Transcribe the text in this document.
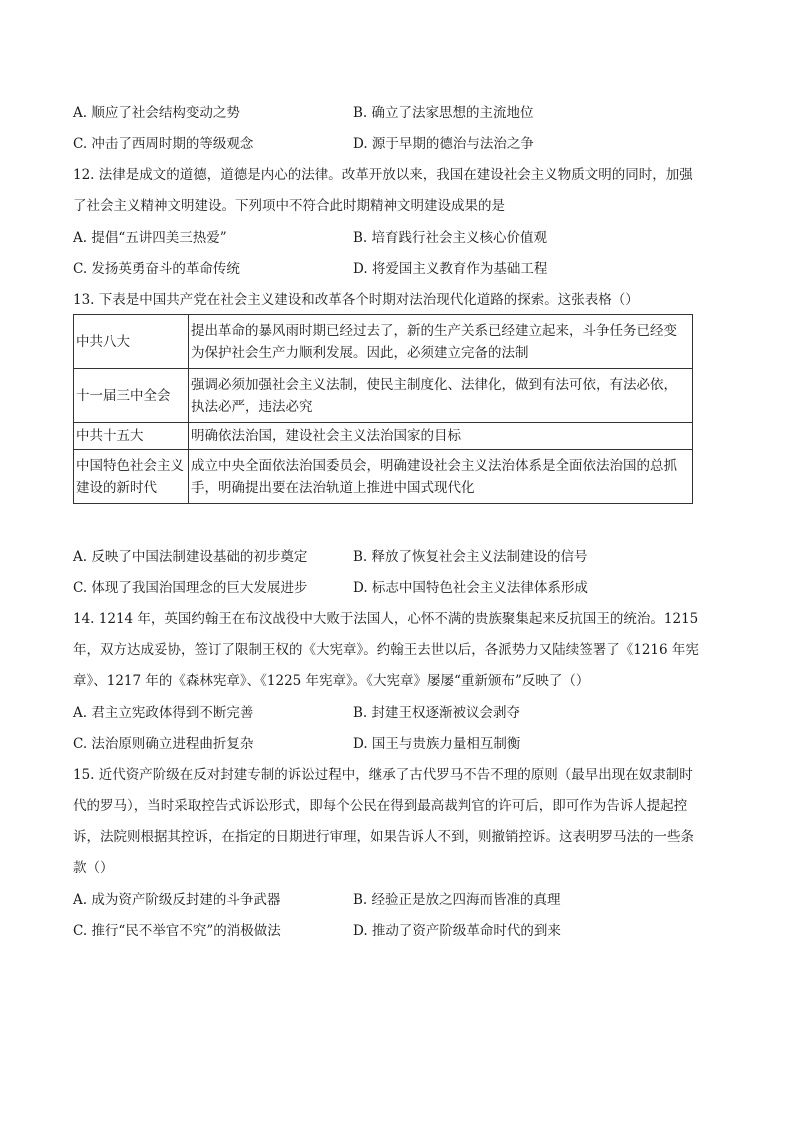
A. 顺应了社会结构变动之势	B. 确立了法家思想的主流地位
C. 冲击了西周时期的等级观念	D. 源于早期的德治与法治之争
12. 法律是成文的道德，道德是内心的法律。改革开放以来，我国在建设社会主义物质文明的同时，加强
了社会主义精神文明建设。下列项中不符合此时期精神文明建设成果的是
A. 提倡“五讲四美三热爱”	B. 培育践行社会主义核心价值观
C. 发扬英勇奋斗的革命传统	D. 将爱国主义教育作为基础工程
13. 下表是中国共产党在社会主义建设和改革各个时期对法治现代化道路的探索。这张表格（）
中共八大	提出革命的暴风雨时期已经过去了，新的生产关系已经建立起来，斗争任务已经变为保护社会生产力顺利发展。因此，必须建立完备的法制
十一届三中全会	强调必须加强社会主义法制，使民主制度化、法律化，做到有法可依，有法必依，执法必严，违法必究
中共十五大	明确依法治国，建设社会主义法治国家的目标
中国特色社会主义建设的新时代	成立中央全面依法治国委员会，明确建设社会主义法治体系是全面依法治国的总抓手，明确提出要在法治轨道上推进中国式现代化
A. 反映了中国法制建设基础的初步奠定	B. 释放了恢复社会主义法制建设的信号
C. 体现了我国治国理念的巨大发展进步	D. 标志中国特色社会主义法律体系形成
14. 1214 年，英国约翰王在布汶战役中大败于法国人，心怀不满的贵族聚集起来反抗国王的统治。1215
年，双方达成妥协，签订了限制王权的《大宪章》。约翰王去世以后，各派势力又陆续签署了《1216 年宪
章》、1217 年的《森林宪章》、《1225 年宪章》。《大宪章》屡屡“重新颁布”反映了（）
A. 君主立宪政体得到不断完善	B. 封建王权逐渐被议会剥夺
C. 法治原则确立进程曲折复杂	D. 国王与贵族力量相互制衡
15. 近代资产阶级在反对封建专制的诉讼过程中，继承了古代罗马不告不理的原则（最早出现在奴隶制时
代的罗马），当时采取控告式诉讼形式，即每个公民在得到最高裁判官的许可后，即可作为告诉人提起控
诉，法院则根据其控诉，在指定的日期进行审理，如果告诉人不到，则撤销控诉。这表明罗马法的一些条
款（）
A. 成为资产阶级反封建的斗争武器	B. 经验正是放之四海而皆准的真理
C. 推行“民不举官不究”的消极做法	D. 推动了资产阶级革命时代的到来
